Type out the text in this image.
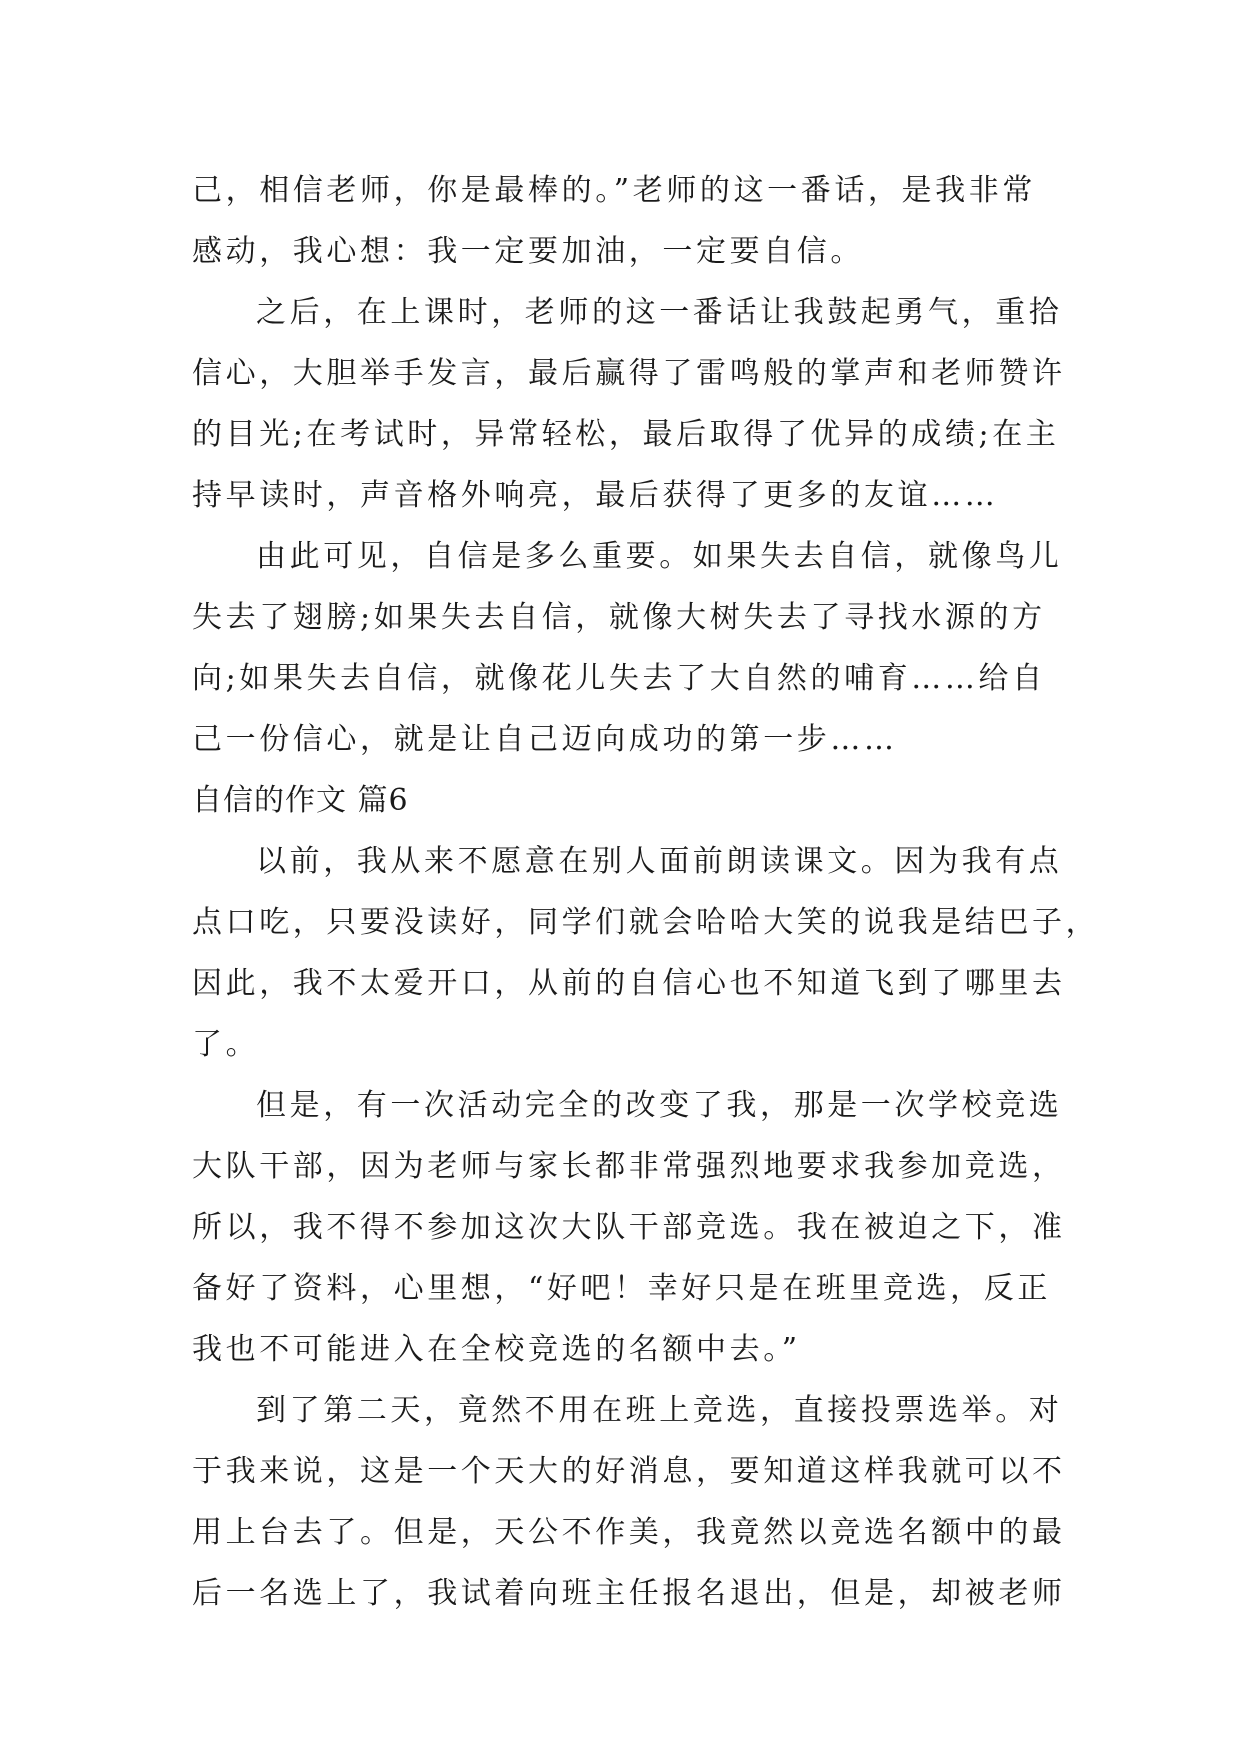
己，相信老师，你是最棒的。”老师的这一番话，是我非常
感动，我心想：我一定要加油，一定要自信。
之后，在上课时，老师的这一番话让我鼓起勇气，重拾
信心，大胆举手发言，最后赢得了雷鸣般的掌声和老师赞许
的目光;在考试时，异常轻松，最后取得了优异的成绩;在主
持早读时，声音格外响亮，最后获得了更多的友谊……
由此可见，自信是多么重要。如果失去自信，就像鸟儿
失去了翅膀;如果失去自信，就像大树失去了寻找水源的方
向;如果失去自信，就像花儿失去了大自然的哺育……给自
己一份信心，就是让自己迈向成功的第一步……
自信的作文 篇6
以前，我从来不愿意在别人面前朗读课文。因为我有点
点口吃，只要没读好，同学们就会哈哈大笑的说我是结巴子，
因此，我不太爱开口，从前的自信心也不知道飞到了哪里去
了。
但是，有一次活动完全的改变了我，那是一次学校竞选
大队干部，因为老师与家长都非常强烈地要求我参加竞选，
所以，我不得不参加这次大队干部竞选。我在被迫之下，准
备好了资料，心里想，“好吧！幸好只是在班里竞选，反正
我也不可能进入在全校竞选的名额中去。”
到了第二天，竟然不用在班上竞选，直接投票选举。对
于我来说，这是一个天大的好消息，要知道这样我就可以不
用上台去了。但是，天公不作美，我竟然以竞选名额中的最
后一名选上了，我试着向班主任报名退出，但是，却被老师
